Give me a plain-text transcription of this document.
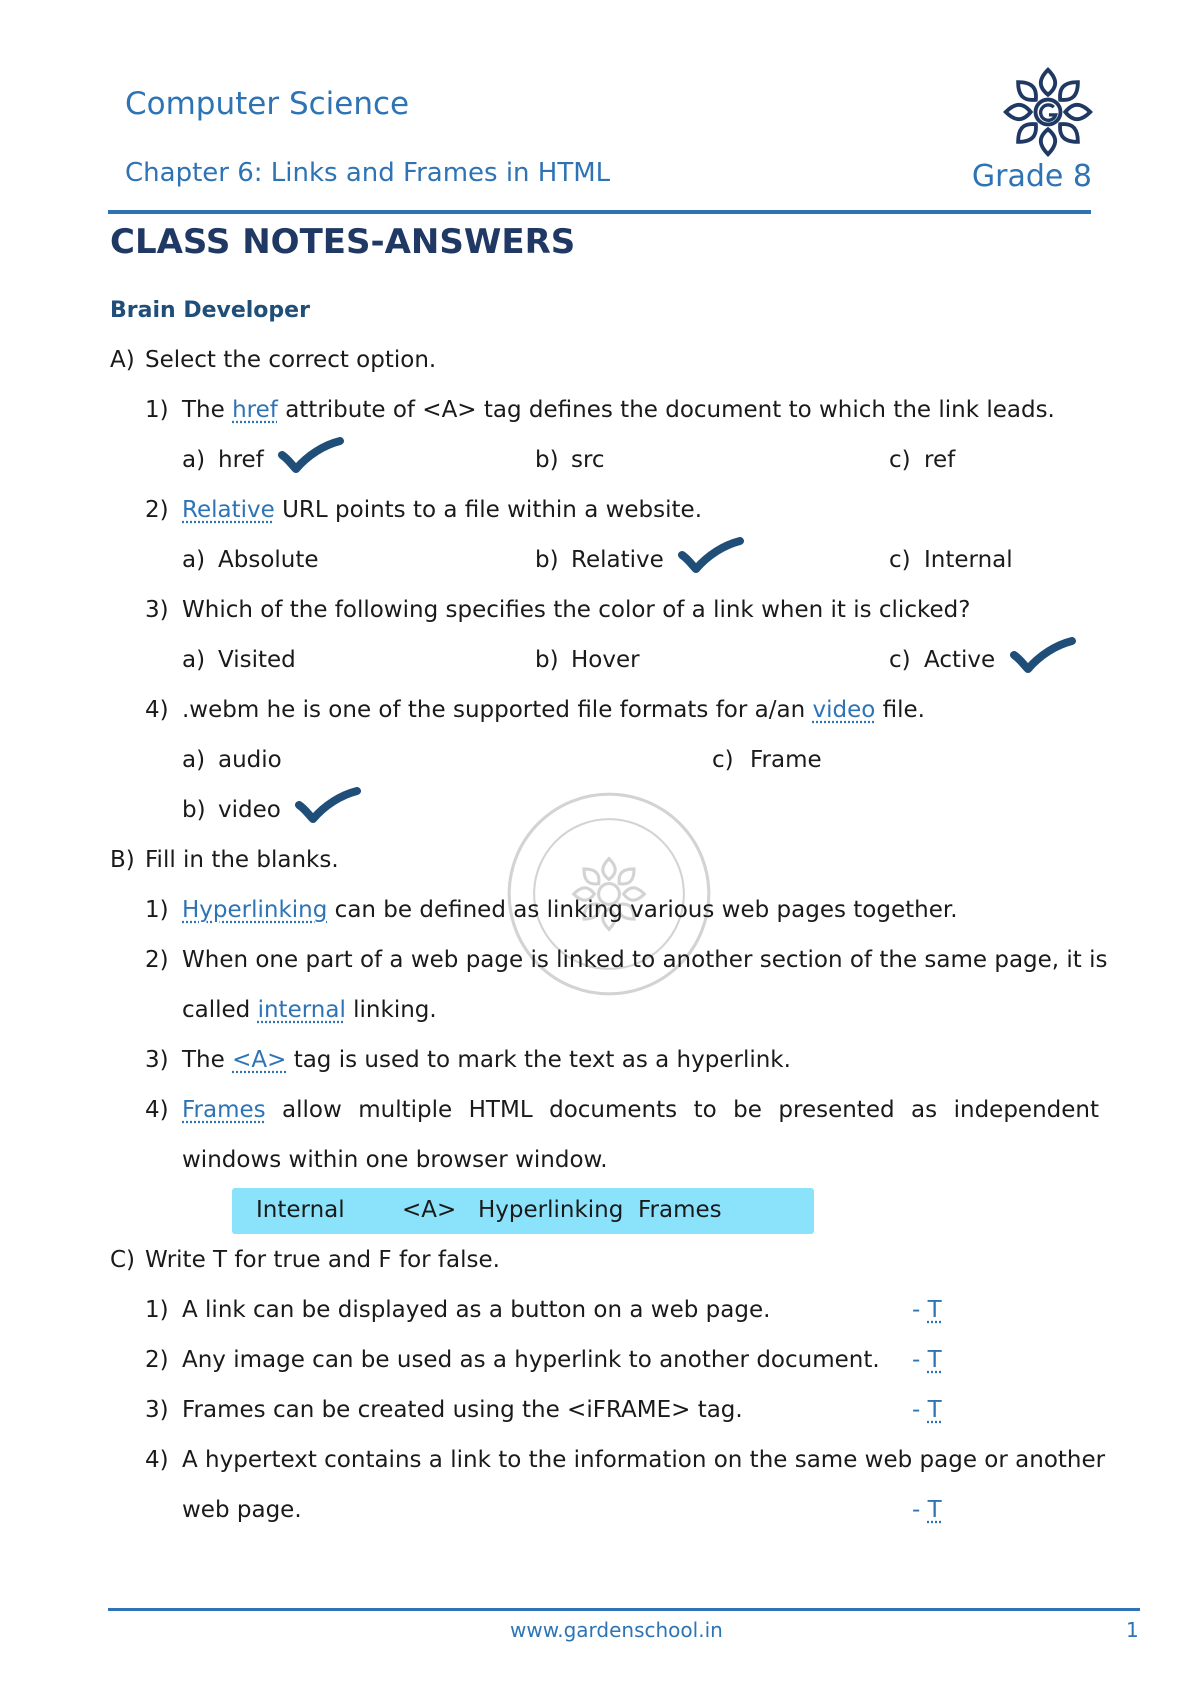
Computer Science
Chapter 6: Links and Frames in HTML	Grade 8
CLASS NOTES-ANSWERS
Brain Developer
A) Select the correct option.
1) The href attribute of <A> tag defines the document to which the link leads.
a) href	b) src	c) ref
2) Relative URL points to a file within a website.
a) Absolute	b) Relative	c) Internal
3) Which of the following specifies the color of a link when it is clicked?
a) Visited	b) Hover	c) Active
4) .webm he is one of the supported file formats for a/an video file.
a) audio	c) Frame
b) video
B) Fill in the blanks.
1) Hyperlinking can be defined as linking various web pages together.
2) When one part of a web page is linked to another section of the same page, it is
called internal linking.
3) The <A> tag is used to mark the text as a hyperlink.
4) Frames allow multiple HTML documents to be presented as independent
windows within one browser window.
Internal <A> Hyperlinking Frames
C) Write T for true and F for false.
1) A link can be displayed as a button on a web page.	- T
2) Any image can be used as a hyperlink to another document. - T
3) Frames can be created using the <iFRAME> tag.	- T
4) A hypertext contains a link to the information on the same web page or another
web page.	- T
www.gardenschool.in	1
